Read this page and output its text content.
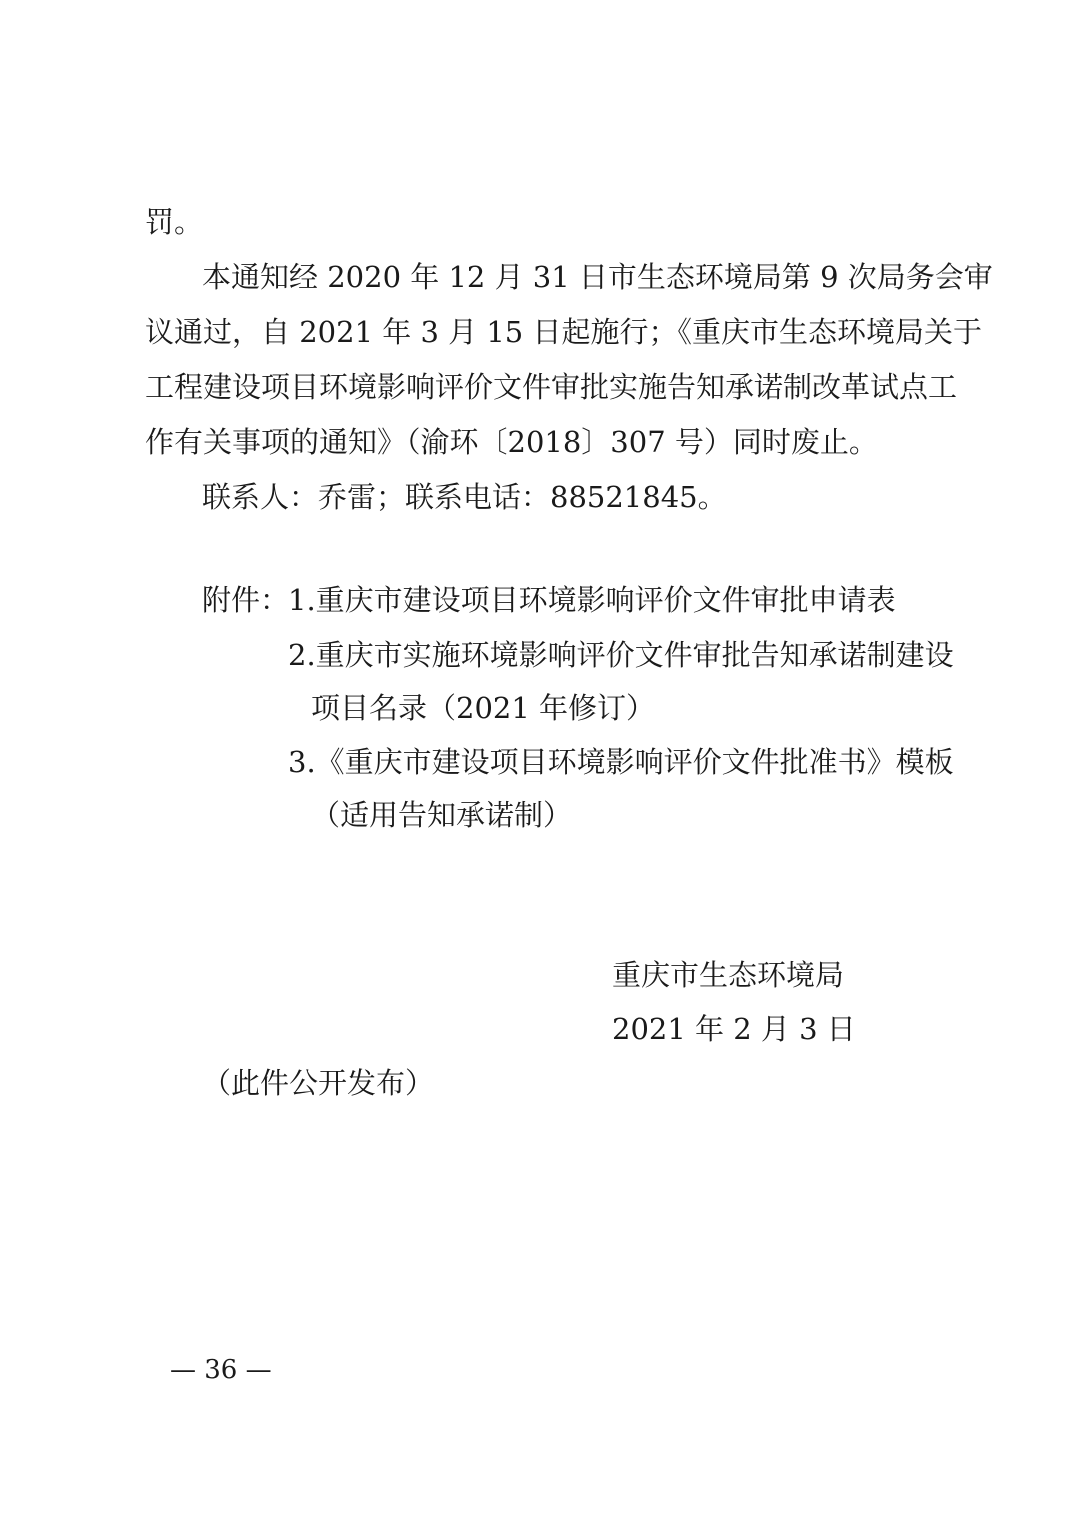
罚。
本通知经 2020 年 12 月 31 日市生态环境局第 9 次局务会审
议通过，自 2021 年 3 月 15 日起施行；《重庆市生态环境局关于
工程建设项目环境影响评价文件审批实施告知承诺制改革试点工
作有关事项的通知》（渝环〔2018〕307 号）同时废止。
联系人：乔雷；联系电话：88521845。
附件：
1.重庆市建设项目环境影响评价文件审批申请表
2.重庆市实施环境影响评价文件审批告知承诺制建设
项目名录（2021 年修订）
3.《重庆市建设项目环境影响评价文件批准书》模板
（适用告知承诺制）
重庆市生态环境局
2021 年 2 月 3 日
（此件公开发布）
— 36 —
